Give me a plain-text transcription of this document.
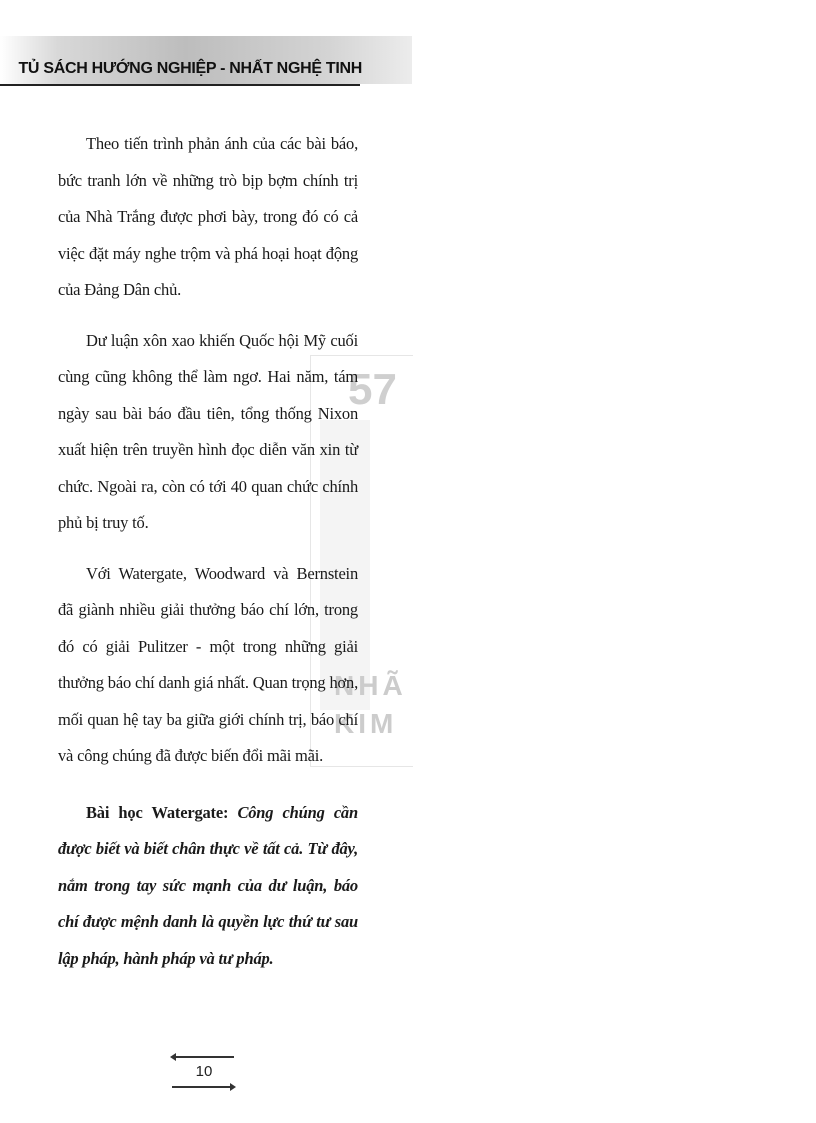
TỦ SÁCH HƯỚNG NGHIỆP - NHẤT NGHỆ TINH
57
NHÃ
KIM

Theo tiến trình phản ánh của các bài báo, bức tranh lớn về những trò bịp bợm chính trị của Nhà Trắng được phơi bày, trong đó có cả việc đặt máy nghe trộm và phá hoại hoạt động của Đảng Dân chủ.

Dư luận xôn xao khiến Quốc hội Mỹ cuối cùng cũng không thể làm ngơ. Hai năm, tám ngày sau bài báo đầu tiên, tổng thống Nixon xuất hiện trên truyền hình đọc diễn văn xin từ chức. Ngoài ra, còn có tới 40 quan chức chính phủ bị truy tố.

Với Watergate, Woodward và Bernstein đã giành nhiều giải thưởng báo chí lớn, trong đó có giải Pulitzer - một trong những giải thưởng báo chí danh giá nhất. Quan trọng hơn, mối quan hệ tay ba giữa giới chính trị, báo chí và công chúng đã được biến đổi mãi mãi.

Bài học Watergate: Công chúng cần được biết và biết chân thực về tất cả. Từ đây, nắm trong tay sức mạnh của dư luận, báo chí được mệnh danh là quyền lực thứ tư sau lập pháp, hành pháp và tư pháp.

10
